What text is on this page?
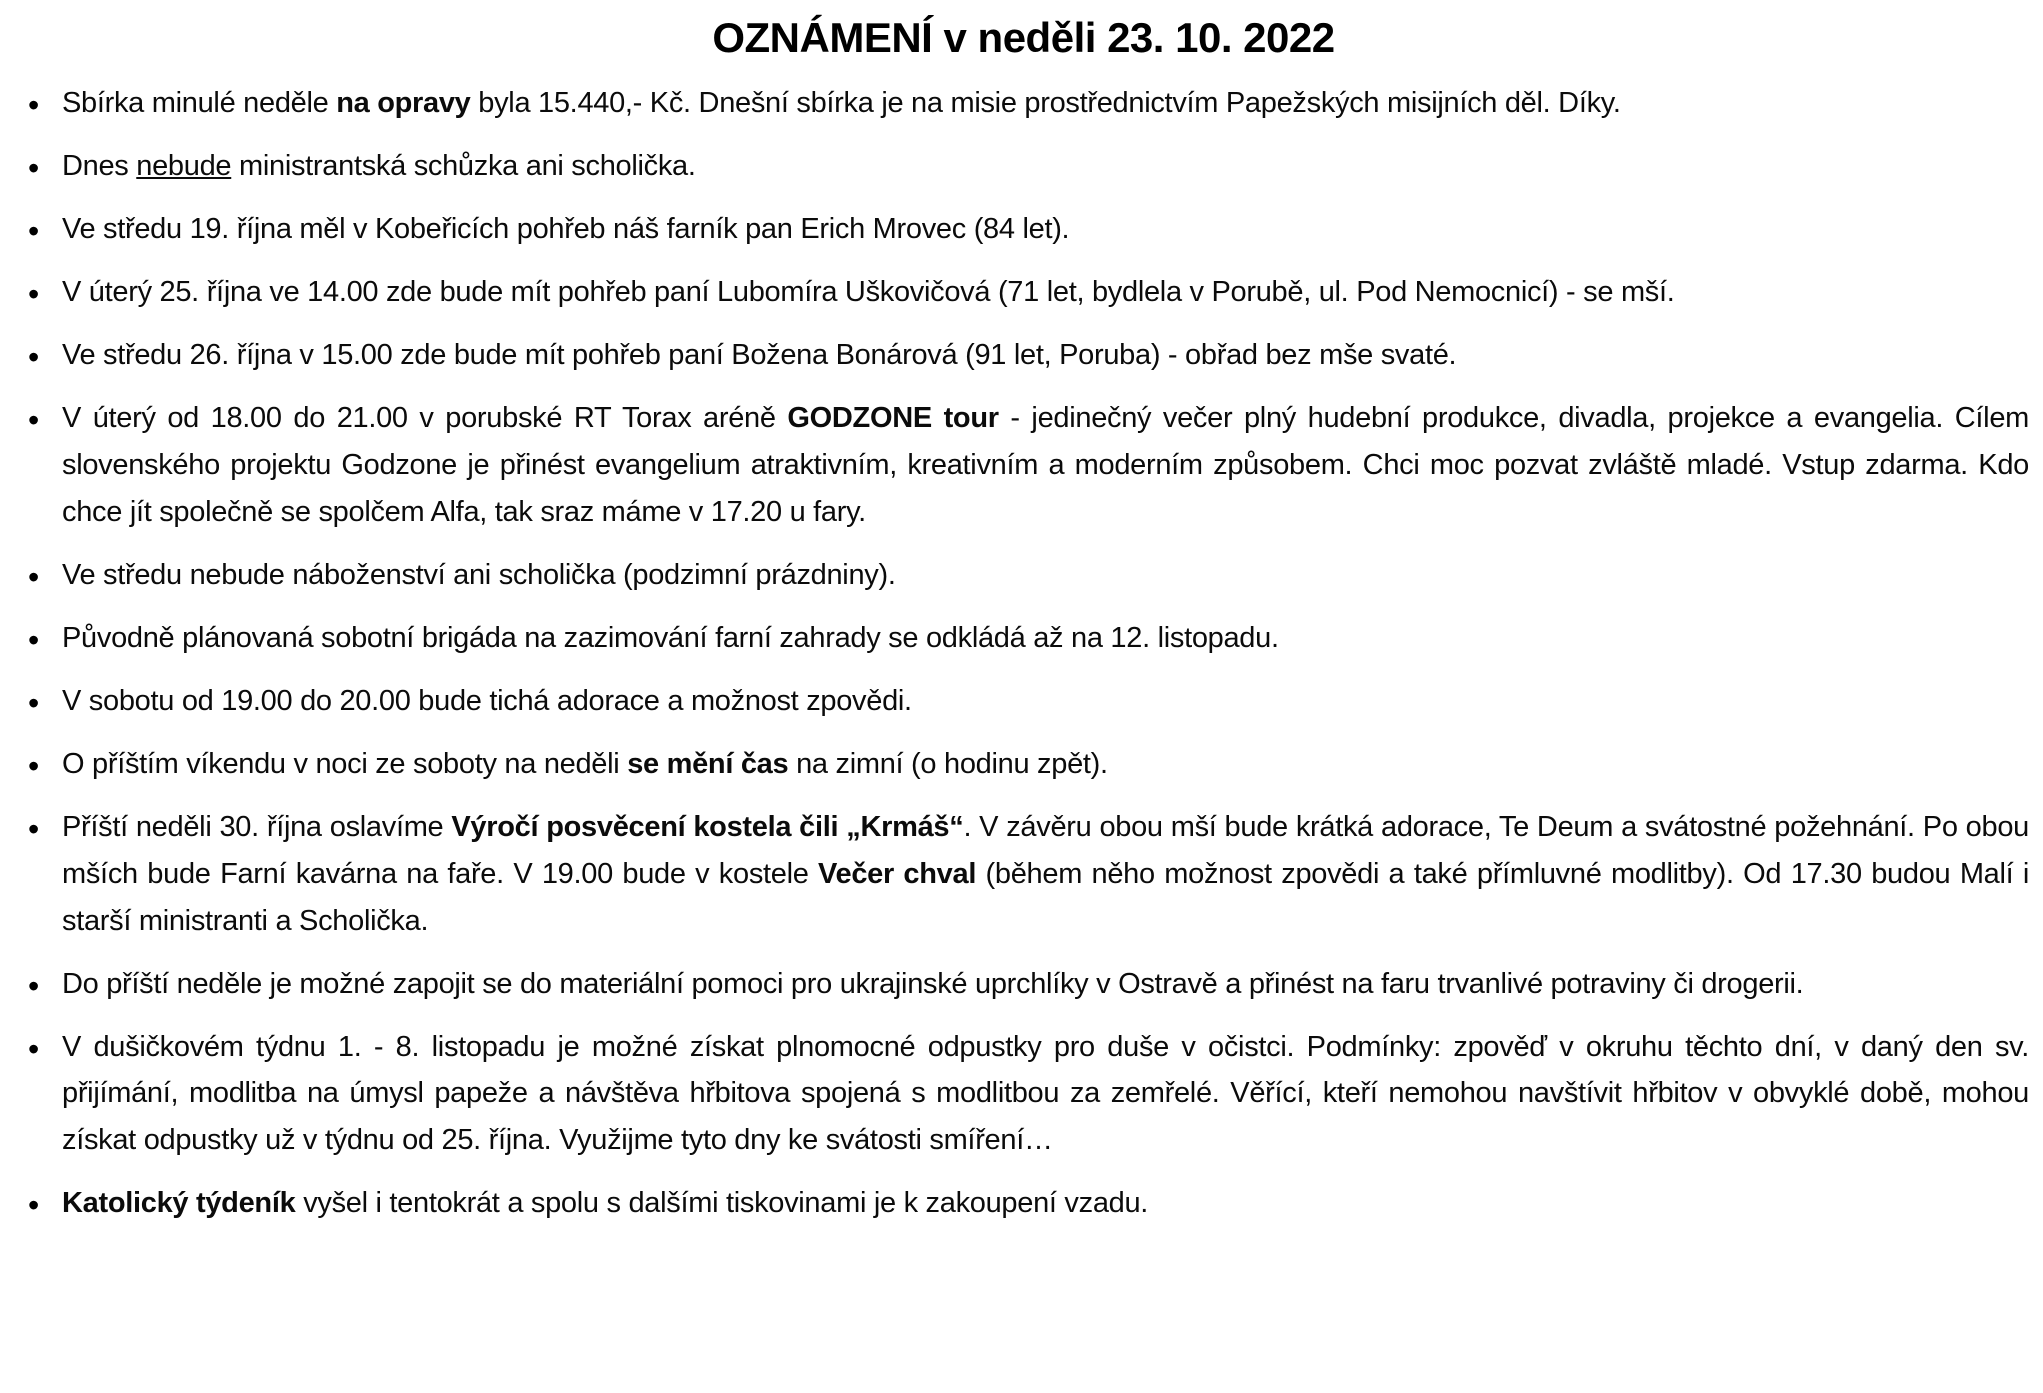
OZNÁMENÍ v neděli 23. 10. 2022
• Sbírka minulé neděle na opravy byla 15.440,- Kč. Dnešní sbírka je na misie prostřednictvím Papežských misijních děl. Díky.
• Dnes nebude ministrantská schůzka ani scholička.
• Ve středu 19. října měl v Kobeřicích pohřeb náš farník pan Erich Mrovec (84 let).
• V úterý 25. října ve 14.00 zde bude mít pohřeb paní Lubomíra Uškovičová (71 let, bydlela v Porubě, ul. Pod Nemocnicí) - se mší.
• Ve středu 26. října v 15.00 zde bude mít pohřeb paní Božena Bonárová (91 let, Poruba) - obřad bez mše svaté.
• V úterý od 18.00 do 21.00 v porubské RT Torax aréně GODZONE tour - jedinečný večer plný hudební produkce, divadla, projekce a evangelia. Cílem slovenského projektu Godzone je přinést evangelium atraktivním, kreativním a moderním způsobem. Chci moc pozvat zvláště mladé. Vstup zdarma. Kdo chce jít společně se spolčem Alfa, tak sraz máme v 17.20 u fary.
• Ve středu nebude náboženství ani scholička (podzimní prázdniny).
• Původně plánovaná sobotní brigáda na zazimování farní zahrady se odkládá až na 12. listopadu.
• V sobotu od 19.00 do 20.00 bude tichá adorace a možnost zpovědi.
• O příštím víkendu v noci ze soboty na neděli se mění čas na zimní (o hodinu zpět).
• Příští neděli 30. října oslavíme Výročí posvěcení kostela čili „Krmáš“. V závěru obou mší bude krátká adorace, Te Deum a svátostné požehnání. Po obou mších bude Farní kavárna na faře. V 19.00 bude v kostele Večer chval (během něho možnost zpovědi a také přímluvné modlitby). Od 17.30 budou Malí i starší ministranti a Scholička.
• Do příští neděle je možné zapojit se do materiální pomoci pro ukrajinské uprchlíky v Ostravě a přinést na faru trvanlivé potraviny či drogerii.
• V dušičkovém týdnu 1. - 8. listopadu je možné získat plnomocné odpustky pro duše v očistci. Podmínky: zpověď v okruhu těchto dní, v daný den sv. přijímání, modlitba na úmysl papeže a návštěva hřbitova spojená s modlitbou za zemřelé. Věřící, kteří nemohou navštívit hřbitov v obvyklé době, mohou získat odpustky už v týdnu od 25. října. Využijme tyto dny ke svátosti smíření…
• Katolický týdeník vyšel i tentokrát a spolu s dalšími tiskovinami je k zakoupení vzadu.
